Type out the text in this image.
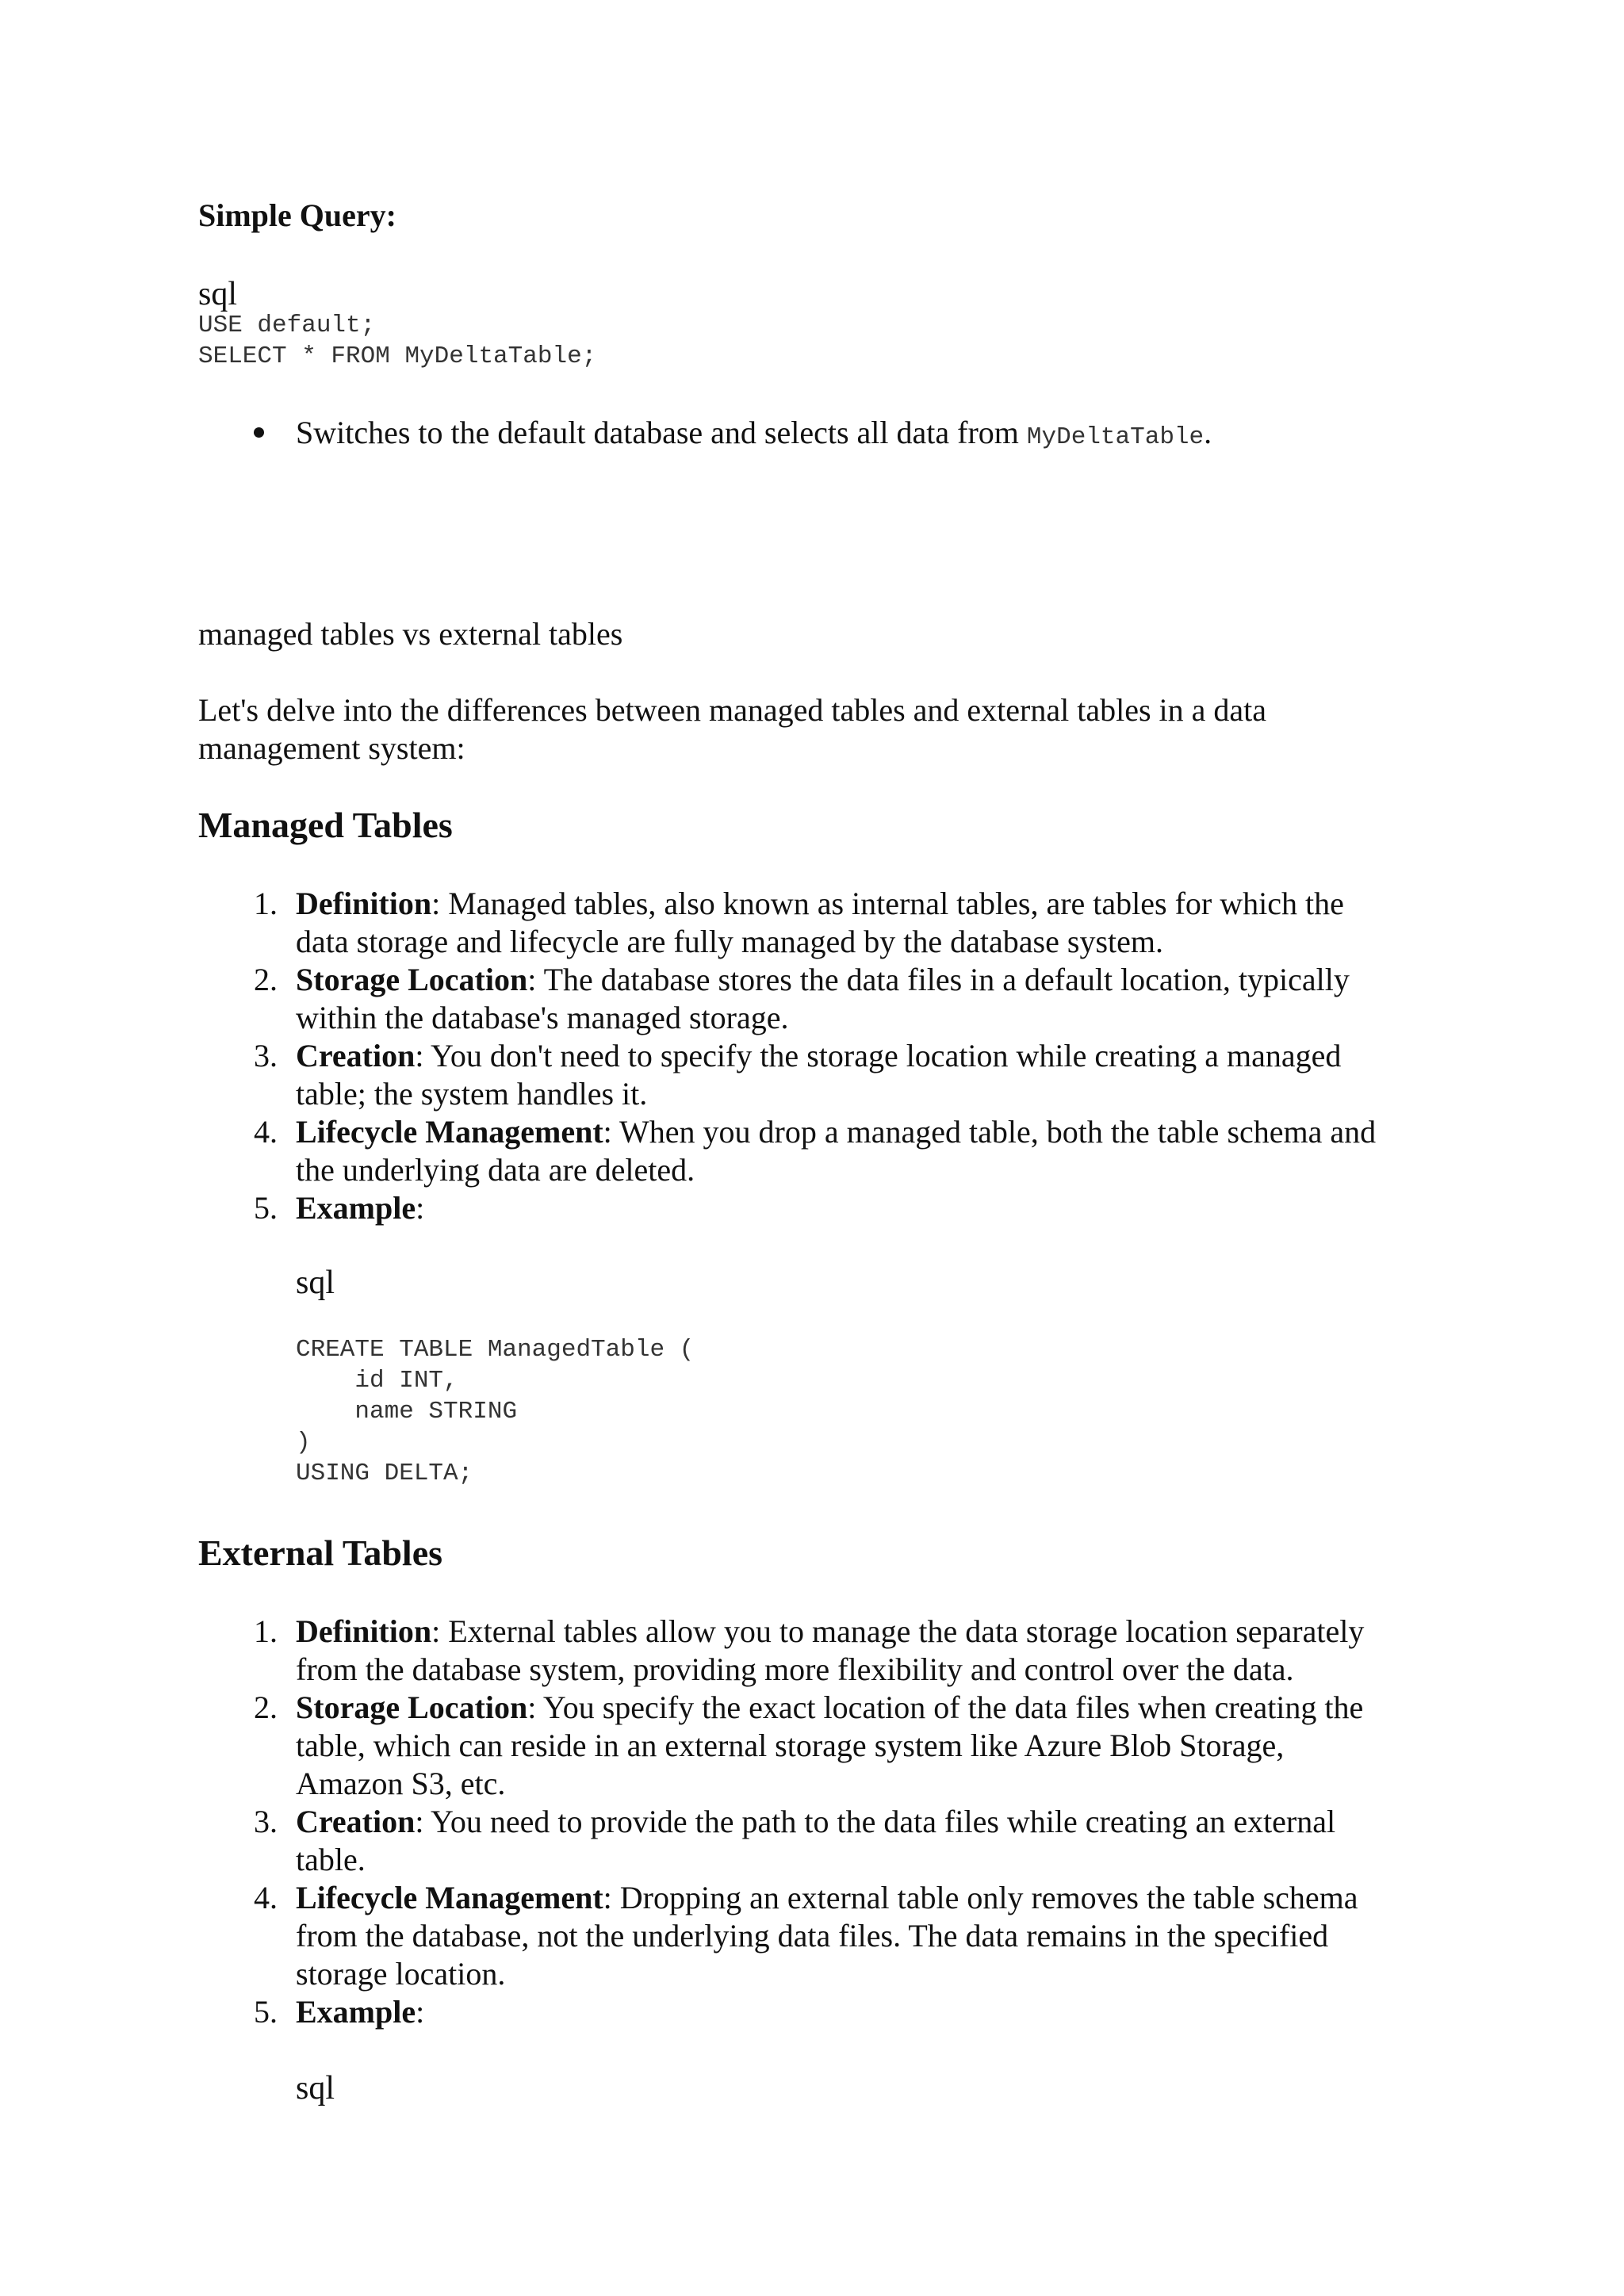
Simple Query:
sql
USE default;
SELECT * FROM MyDeltaTable;
Switches to the default database and selects all data from MyDeltaTable.
managed tables vs external tables
Let's delve into the differences between managed tables and external tables in a data
management system:
Managed Tables
1. Definition: Managed tables, also known as internal tables, are tables for which the
data storage and lifecycle are fully managed by the database system.
2. Storage Location: The database stores the data files in a default location, typically
within the database's managed storage.
3. Creation: You don't need to specify the storage location while creating a managed
table; the system handles it.
4. Lifecycle Management: When you drop a managed table, both the table schema and
the underlying data are deleted.
5. Example:
sql
CREATE TABLE ManagedTable (
id INT,
name STRING
)
USING DELTA;
External Tables
1. Definition: External tables allow you to manage the data storage location separately
from the database system, providing more flexibility and control over the data.
2. Storage Location: You specify the exact location of the data files when creating the
table, which can reside in an external storage system like Azure Blob Storage,
Amazon S3, etc.
3. Creation: You need to provide the path to the data files while creating an external
table.
4. Lifecycle Management: Dropping an external table only removes the table schema
from the database, not the underlying data files. The data remains in the specified
storage location.
5. Example:
sql
